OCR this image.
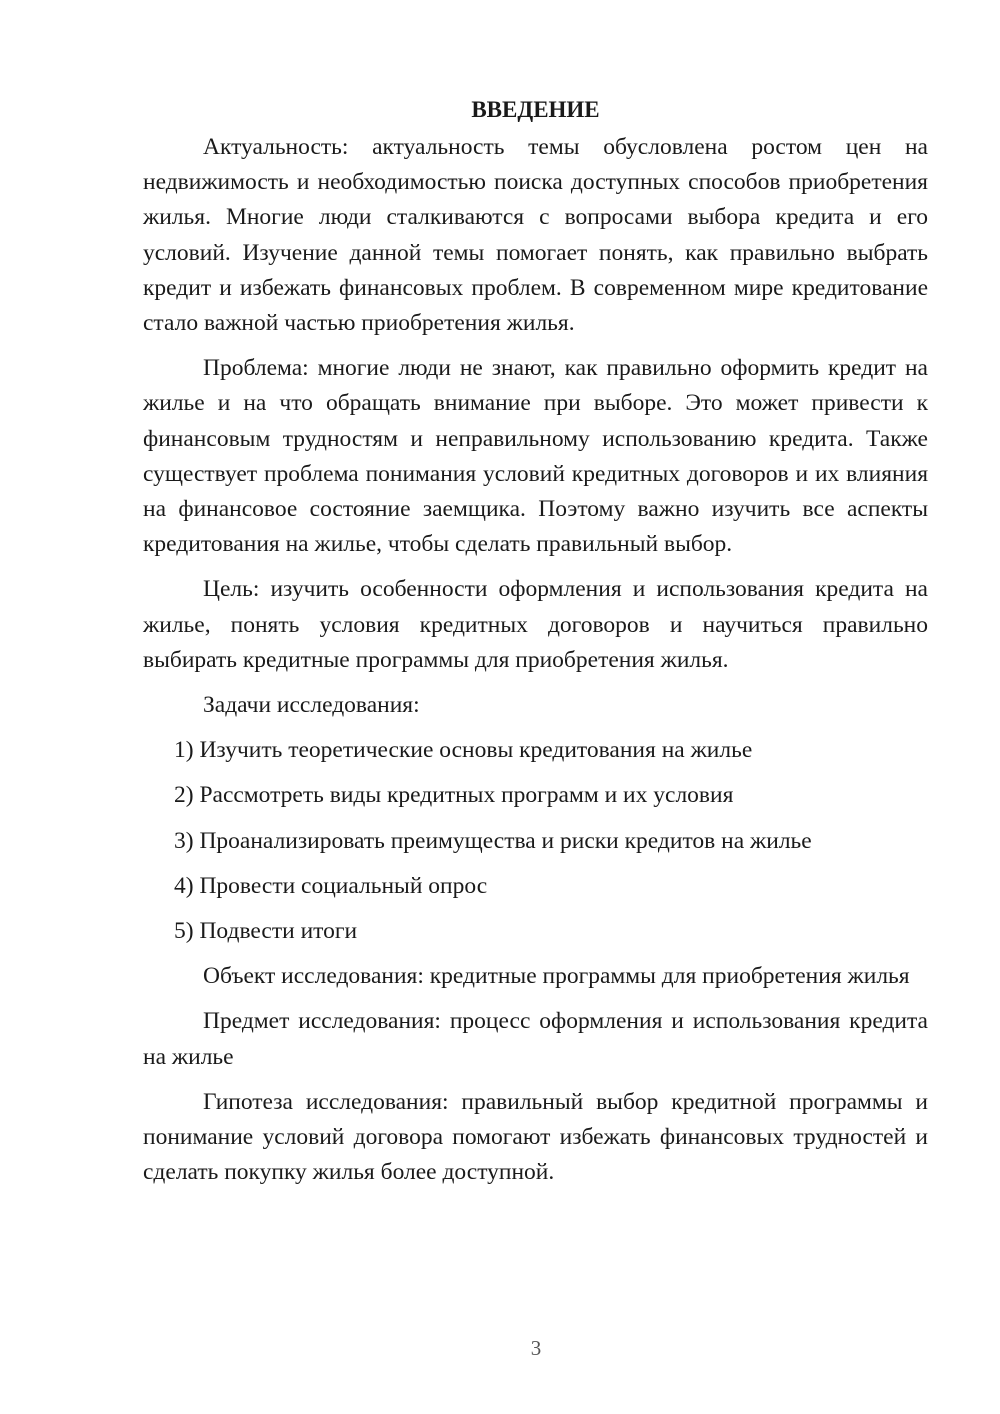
ВВЕДЕНИЕ

Актуальность: актуальность темы обусловлена ростом цен на недвижимость и необходимостью поиска доступных способов приобретения жилья. Многие люди сталкиваются с вопросами выбора кредита и его условий. Изучение данной темы помогает понять, как правильно выбрать кредит и избежать финансовых проблем. В современном мире кредитование стало важной частью приобретения жилья.

Проблема: многие люди не знают, как правильно оформить кредит на жилье и на что обращать внимание при выборе. Это может привести к финансовым трудностям и неправильному использованию кредита. Также существует проблема понимания условий кредитных договоров и их влияния на финансовое состояние заемщика. Поэтому важно изучить все аспекты кредитования на жилье, чтобы сделать правильный выбор.

Цель: изучить особенности оформления и использования кредита на жилье, понять условия кредитных договоров и научиться правильно выбирать кредитные программы для приобретения жилья.

Задачи исследования:

1) Изучить теоретические основы кредитования на жилье
2) Рассмотреть виды кредитных программ и их условия
3) Проанализировать преимущества и риски кредитов на жилье
4) Провести социальный опрос
5) Подвести итоги

Объект исследования: кредитные программы для приобретения жилья

Предмет исследования: процесс оформления и использования кредита на жилье

Гипотеза исследования: правильный выбор кредитной программы и понимание условий договора помогают избежать финансовых трудностей и сделать покупку жилья более доступной.

3
